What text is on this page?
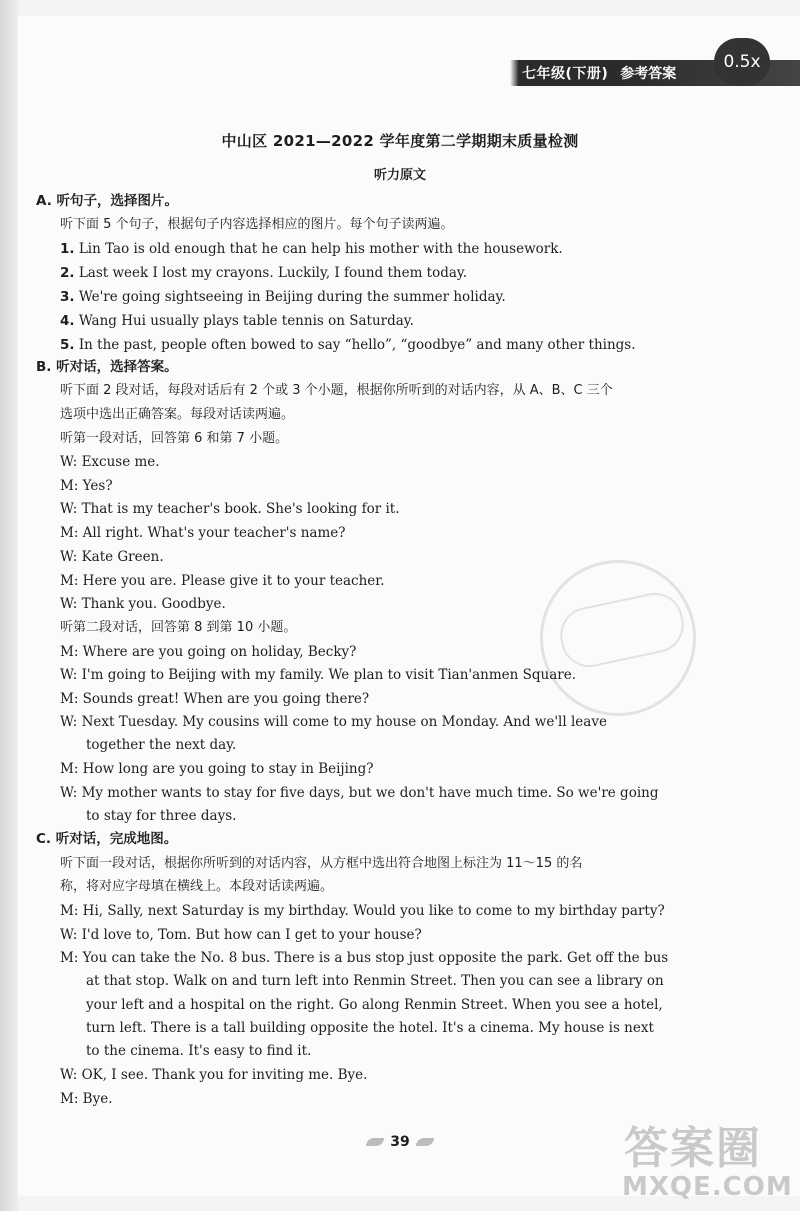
七年级(下册) 参考答案
0.5x
中山区 2021—2022 学年度第二学期期末质量检测
听力原文
A. 听句子，选择图片。
听下面 5 个句子，根据句子内容选择相应的图片。每个句子读两遍。
1. Lin Tao is old enough that he can help his mother with the housework.
2. Last week I lost my crayons. Luckily, I found them today.
3. We're going sightseeing in Beijing during the summer holiday.
4. Wang Hui usually plays table tennis on Saturday.
5. In the past, people often bowed to say “hello”, “goodbye” and many other things.
B. 听对话，选择答案。
听下面 2 段对话，每段对话后有 2 个或 3 个小题，根据你所听到的对话内容，从 A、B、C 三个
选项中选出正确答案。每段对话读两遍。
听第一段对话，回答第 6 和第 7 小题。
W: Excuse me.
M: Yes?
W: That is my teacher's book. She's looking for it.
M: All right. What's your teacher's name?
W: Kate Green.
M: Here you are. Please give it to your teacher.
W: Thank you. Goodbye.
听第二段对话，回答第 8 到第 10 小题。
M: Where are you going on holiday, Becky?
W: I'm going to Beijing with my family. We plan to visit Tian'anmen Square.
M: Sounds great! When are you going there?
W: Next Tuesday. My cousins will come to my house on Monday. And we'll leave
together the next day.
M: How long are you going to stay in Beijing?
W: My mother wants to stay for five days, but we don't have much time. So we're going
to stay for three days.
C. 听对话，完成地图。
听下面一段对话，根据你所听到的对话内容，从方框中选出符合地图上标注为 11～15 的名
称，将对应字母填在横线上。本段对话读两遍。
M: Hi, Sally, next Saturday is my birthday. Would you like to come to my birthday party?
W: I'd love to, Tom. But how can I get to your house?
M: You can take the No. 8 bus. There is a bus stop just opposite the park. Get off the bus
at that stop. Walk on and turn left into Renmin Street. Then you can see a library on
your left and a hospital on the right. Go along Renmin Street. When you see a hotel,
turn left. There is a tall building opposite the hotel. It's a cinema. My house is next
to the cinema. It's easy to find it.
W: OK, I see. Thank you for inviting me. Bye.
M: Bye.
39	答案圈
MXQE.COM
